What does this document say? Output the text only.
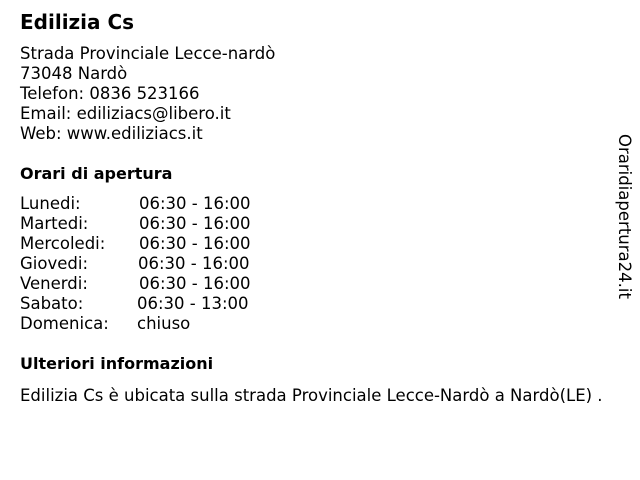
Edilizia Cs
Strada Provinciale Lecce-nardò
73048 Nardò
Telefon: 0836 523166
Email: ediliziacs@libero.it
Web: www.ediliziacs.it
Orari di apertura
Lunedi:	06:30 - 16:00
Martedi:	06:30 - 16:00
Mercoledi: 06:30 - 16:00
Giovedi:	06:30 - 16:00
Venerdi:	06:30 - 16:00
Sabato:	06:30 - 13:00
Domenica: chiuso
Ulteriori informazioni
Edilizia Cs è ubicata sulla strada Provinciale Lecce-Nardò a Nardò(LE) .
Oraridiapertura24.it
